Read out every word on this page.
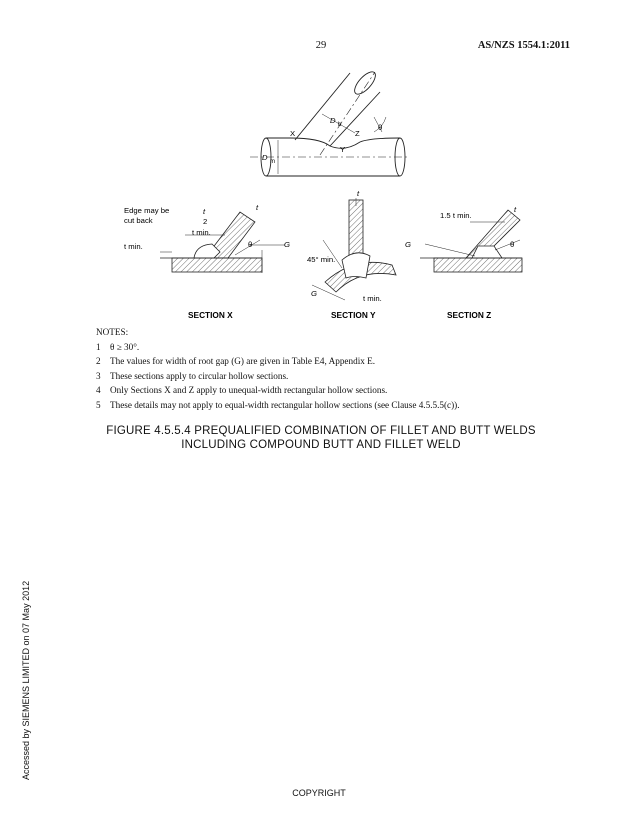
29	AS/NZS 1554.1:2011
X	Z
Y
D b
D m
θ
Edge may be
cut back
t
2
t min.
t min.
t
θ	G
SECTION X
t
45° min.
G
t min.
SECTION Y
1.5 t min.
t
θ
G
SECTION Z
NOTES:
1 θ ≥ 30°.
2 The values for width of root gap (G) are given in Table E4, Appendix E.
3 These sections apply to circular hollow sections.
4 Only Sections X and Z apply to unequal-width rectangular hollow sections.
5 These details may not apply to equal-width rectangular hollow sections (see Clause 4.5.5.5(c)).
FIGURE 4.5.5.4 PREQUALIFIED COMBINATION OF FILLET AND BUTT WELDS
INCLUDING COMPOUND BUTT AND FILLET WELD
Accessed by SIEMENS LIMITED on 07 May 2012
COPYRIGHT
